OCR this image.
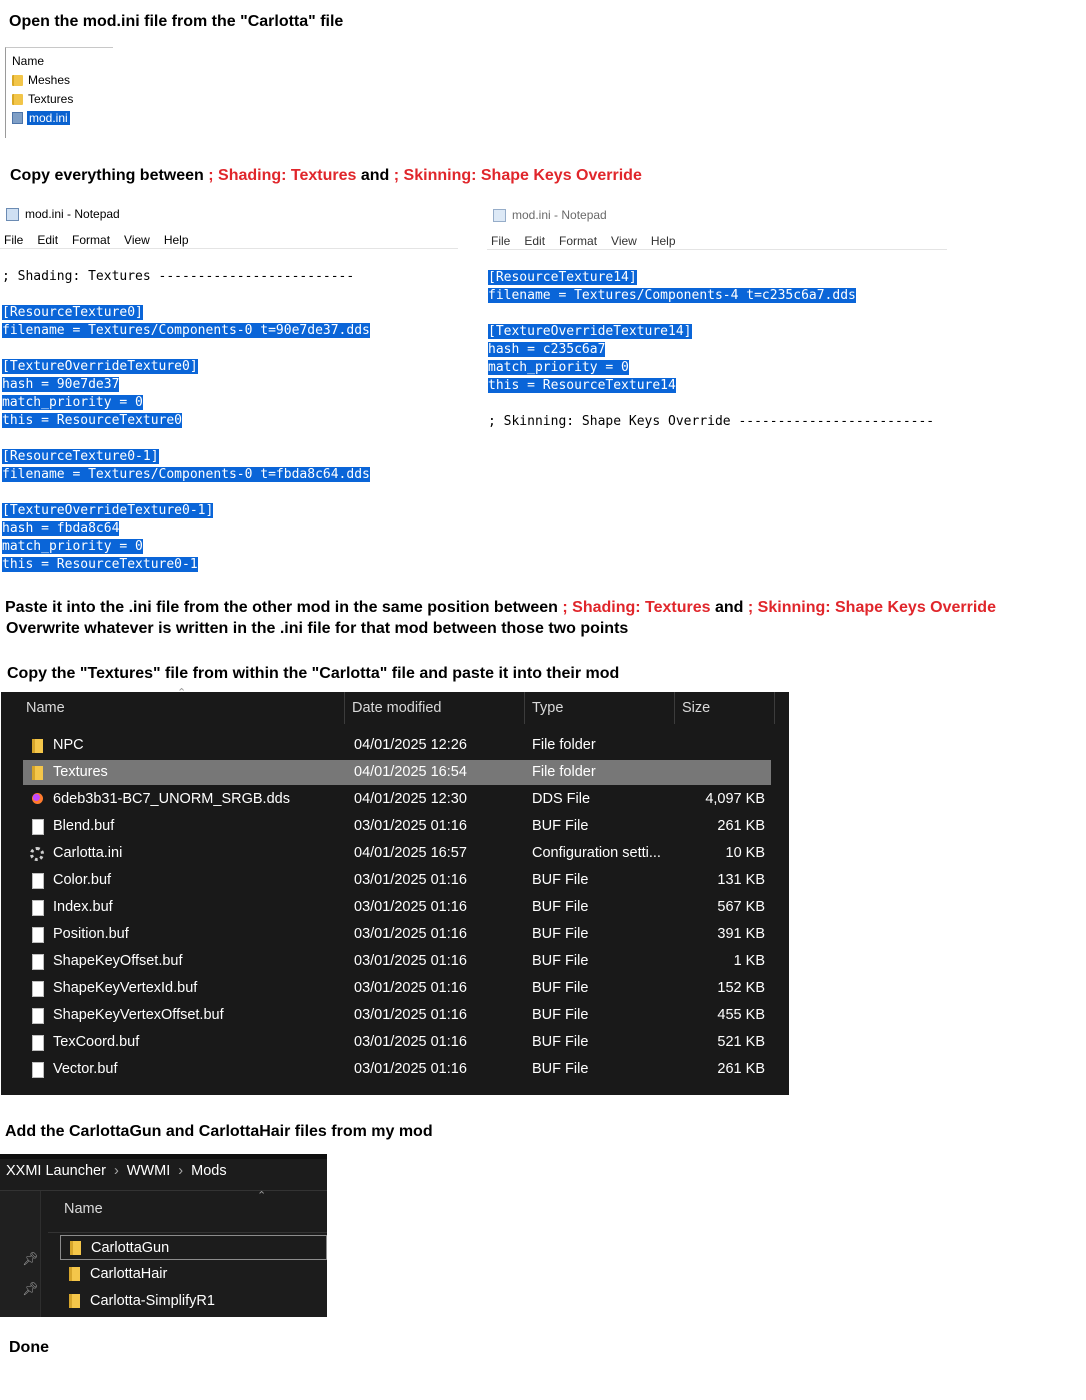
Open the mod.ini file from the "Carlotta" file
Name
Meshes
Textures
mod.ini
Copy everything between ; Shading: Textures and ; Skinning: Shape Keys Override
mod.ini - Notepad
File Edit Format View Help
; Shading: Textures -------------------------
[ResourceTexture0]
filename = Textures/Components-0 t=90e7de37.dds
[TextureOverrideTexture0]
hash = 90e7de37
match_priority = 0
this = ResourceTexture0
[ResourceTexture0-1]
filename = Textures/Components-0 t=fbda8c64.dds
[TextureOverrideTexture0-1]
hash = fbda8c64
match_priority = 0
this = ResourceTexture0-1
mod.ini - Notepad
File Edit Format View Help
[ResourceTexture14]
filename = Textures/Components-4 t=c235c6a7.dds
[TextureOverrideTexture14]
hash = c235c6a7
match_priority = 0
this = ResourceTexture14
; Skinning: Shape Keys Override -------------------------
Paste it into the .ini file from the other mod in the same position between ; Shading: Textures and ; Skinning: Shape Keys Override
Overwrite whatever is written in the .ini file for that mod between those two points
Copy the "Textures" file from within the "Carlotta" file and paste it into their mod
Name
⌃
Date modified	Type	Size
NPC	04/01/2025 12:26	File folder
Textures	04/01/2025 16:54	File folder
6deb3b31-BC7_UNORM_SRGB.dds	04/01/2025 12:30	DDS File	4,097 KB
Blend.buf	03/01/2025 01:16	BUF File	261 KB
Carlotta.ini	04/01/2025 16:57	Configuration setti...	10 KB
Color.buf	03/01/2025 01:16	BUF File	131 KB
Index.buf	03/01/2025 01:16	BUF File	567 KB
Position.buf	03/01/2025 01:16	BUF File	391 KB
ShapeKeyOffset.buf	03/01/2025 01:16	BUF File	1 KB
ShapeKeyVertexId.buf	03/01/2025 01:16	BUF File	152 KB
ShapeKeyVertexOffset.buf	03/01/2025 01:16	BUF File	455 KB
TexCoord.buf	03/01/2025 01:16	BUF File	521 KB
Vector.buf	03/01/2025 01:16	BUF File	261 KB
Add the CarlottaGun and CarlottaHair files from my mod
XXMI Launcher › WWMI › Mods
Name
⌃
📌︎
📌︎
CarlottaGun
CarlottaHair
Carlotta-SimplifyR1
Done
